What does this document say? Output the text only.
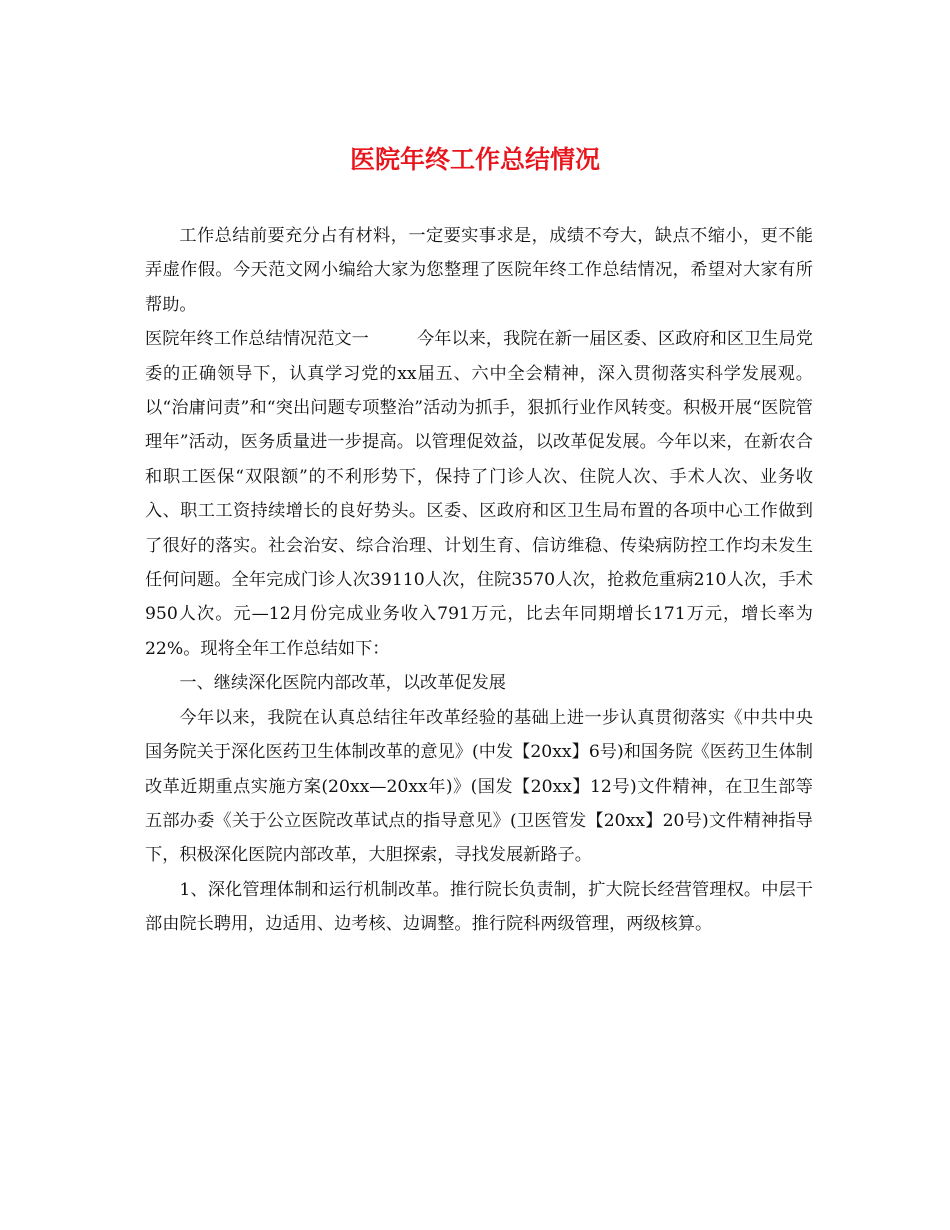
医院年终工作总结情况

工作总结前要充分占有材料，一定要实事求是，成绩不夸大，缺点不缩小，更不能弄虚作假。今天范文网小编给大家为您整理了医院年终工作总结情况，希望对大家有所帮助。

医院年终工作总结情况范文一	今年以来，我院在新一届区委、区政府和区卫生局党委的正确领导下，认真学习党的xx届五、六中全会精神，深入贯彻落实科学发展观。以“治庸问责”和“突出问题专项整治”活动为抓手，狠抓行业作风转变。积极开展“医院管理年”活动，医务质量进一步提高。以管理促效益，以改革促发展。今年以来，在新农合和职工医保“双限额”的不利形势下，保持了门诊人次、住院人次、手术人次、业务收入、职工工资持续增长的良好势头。区委、区政府和区卫生局布置的各项中心工作做到了很好的落实。社会治安、综合治理、计划生育、信访维稳、传染病防控工作均未发生任何问题。全年完成门诊人次39110人次，住院3570人次，抢救危重病210人次，手术950人次。元—12月份完成业务收入791万元，比去年同期增长171万元，增长率为22%。现将全年工作总结如下：

一、继续深化医院内部改革，以改革促发展

今年以来，我院在认真总结往年改革经验的基础上进一步认真贯彻落实《中共中央国务院关于深化医药卫生体制改革的意见》(中发【20xx】6号)和国务院《医药卫生体制改革近期重点实施方案(20xx—20xx年)》(国发【20xx】12号)文件精神，在卫生部等五部办委《关于公立医院改革试点的指导意见》(卫医管发【20xx】20号)文件精神指导下，积极深化医院内部改革，大胆探索，寻找发展新路子。

1、深化管理体制和运行机制改革。推行院长负责制，扩大院长经营管理权。中层干部由院长聘用，边适用、边考核、边调整。推行院科两级管理，两级核算。
